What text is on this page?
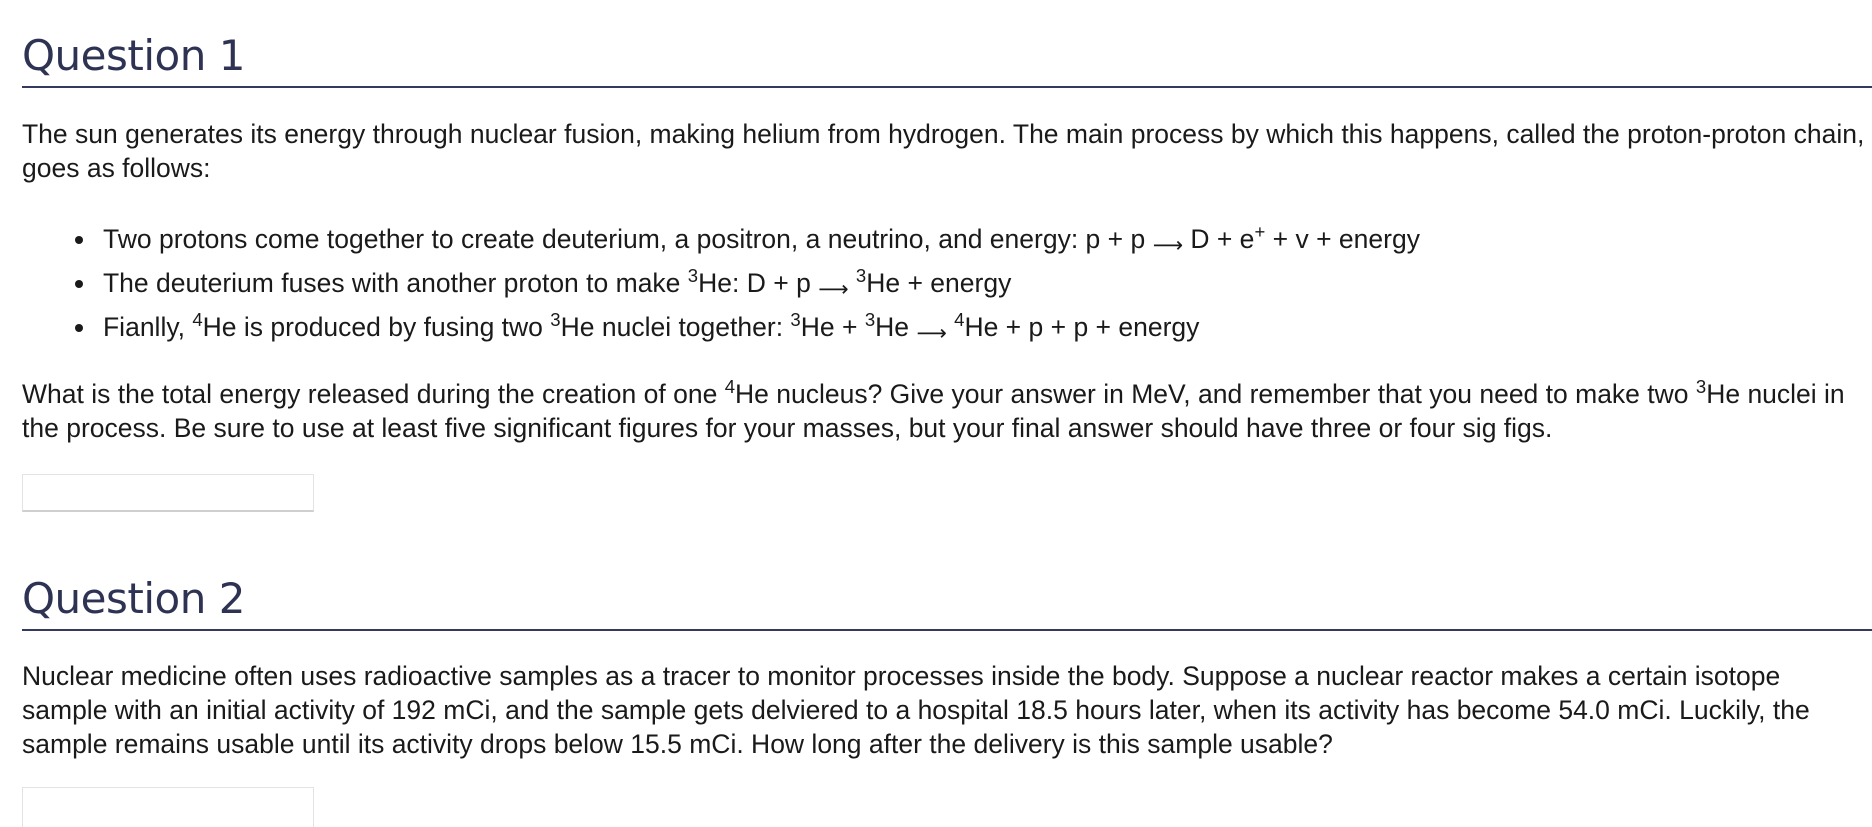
Question 1

The sun generates its energy through nuclear fusion, making helium from hydrogen. The main process by which this happens, called the proton-proton chain, goes as follows:

Two protons come together to create deuterium, a positron, a neutrino, and energy: p + p ⟶ D + e+ + v + energy
The deuterium fuses with another proton to make $^3$He: D + p ⟶ $^3$He + energy
Fianlly, $^4$He is produced by fusing two $^3$He nuclei together: $^3$He + $^3$He ⟶ $^4$He + p + p + energy

What is the total energy released during the creation of one $^4$He nucleus? Give your answer in MeV, and remember that you need to make two $^3$He nuclei in the process. Be sure to use at least five significant figures for your masses, but your final answer should have three or four sig figs.

Question 2

Nuclear medicine often uses radioactive samples as a tracer to monitor processes inside the body. Suppose a nuclear reactor makes a certain isotope sample with an initial activity of 192 mCi, and the sample gets delviered to a hospital 18.5 hours later, when its activity has become 54.0 mCi. Luckily, the sample remains usable until its activity drops below 15.5 mCi. How long after the delivery is this sample usable?
